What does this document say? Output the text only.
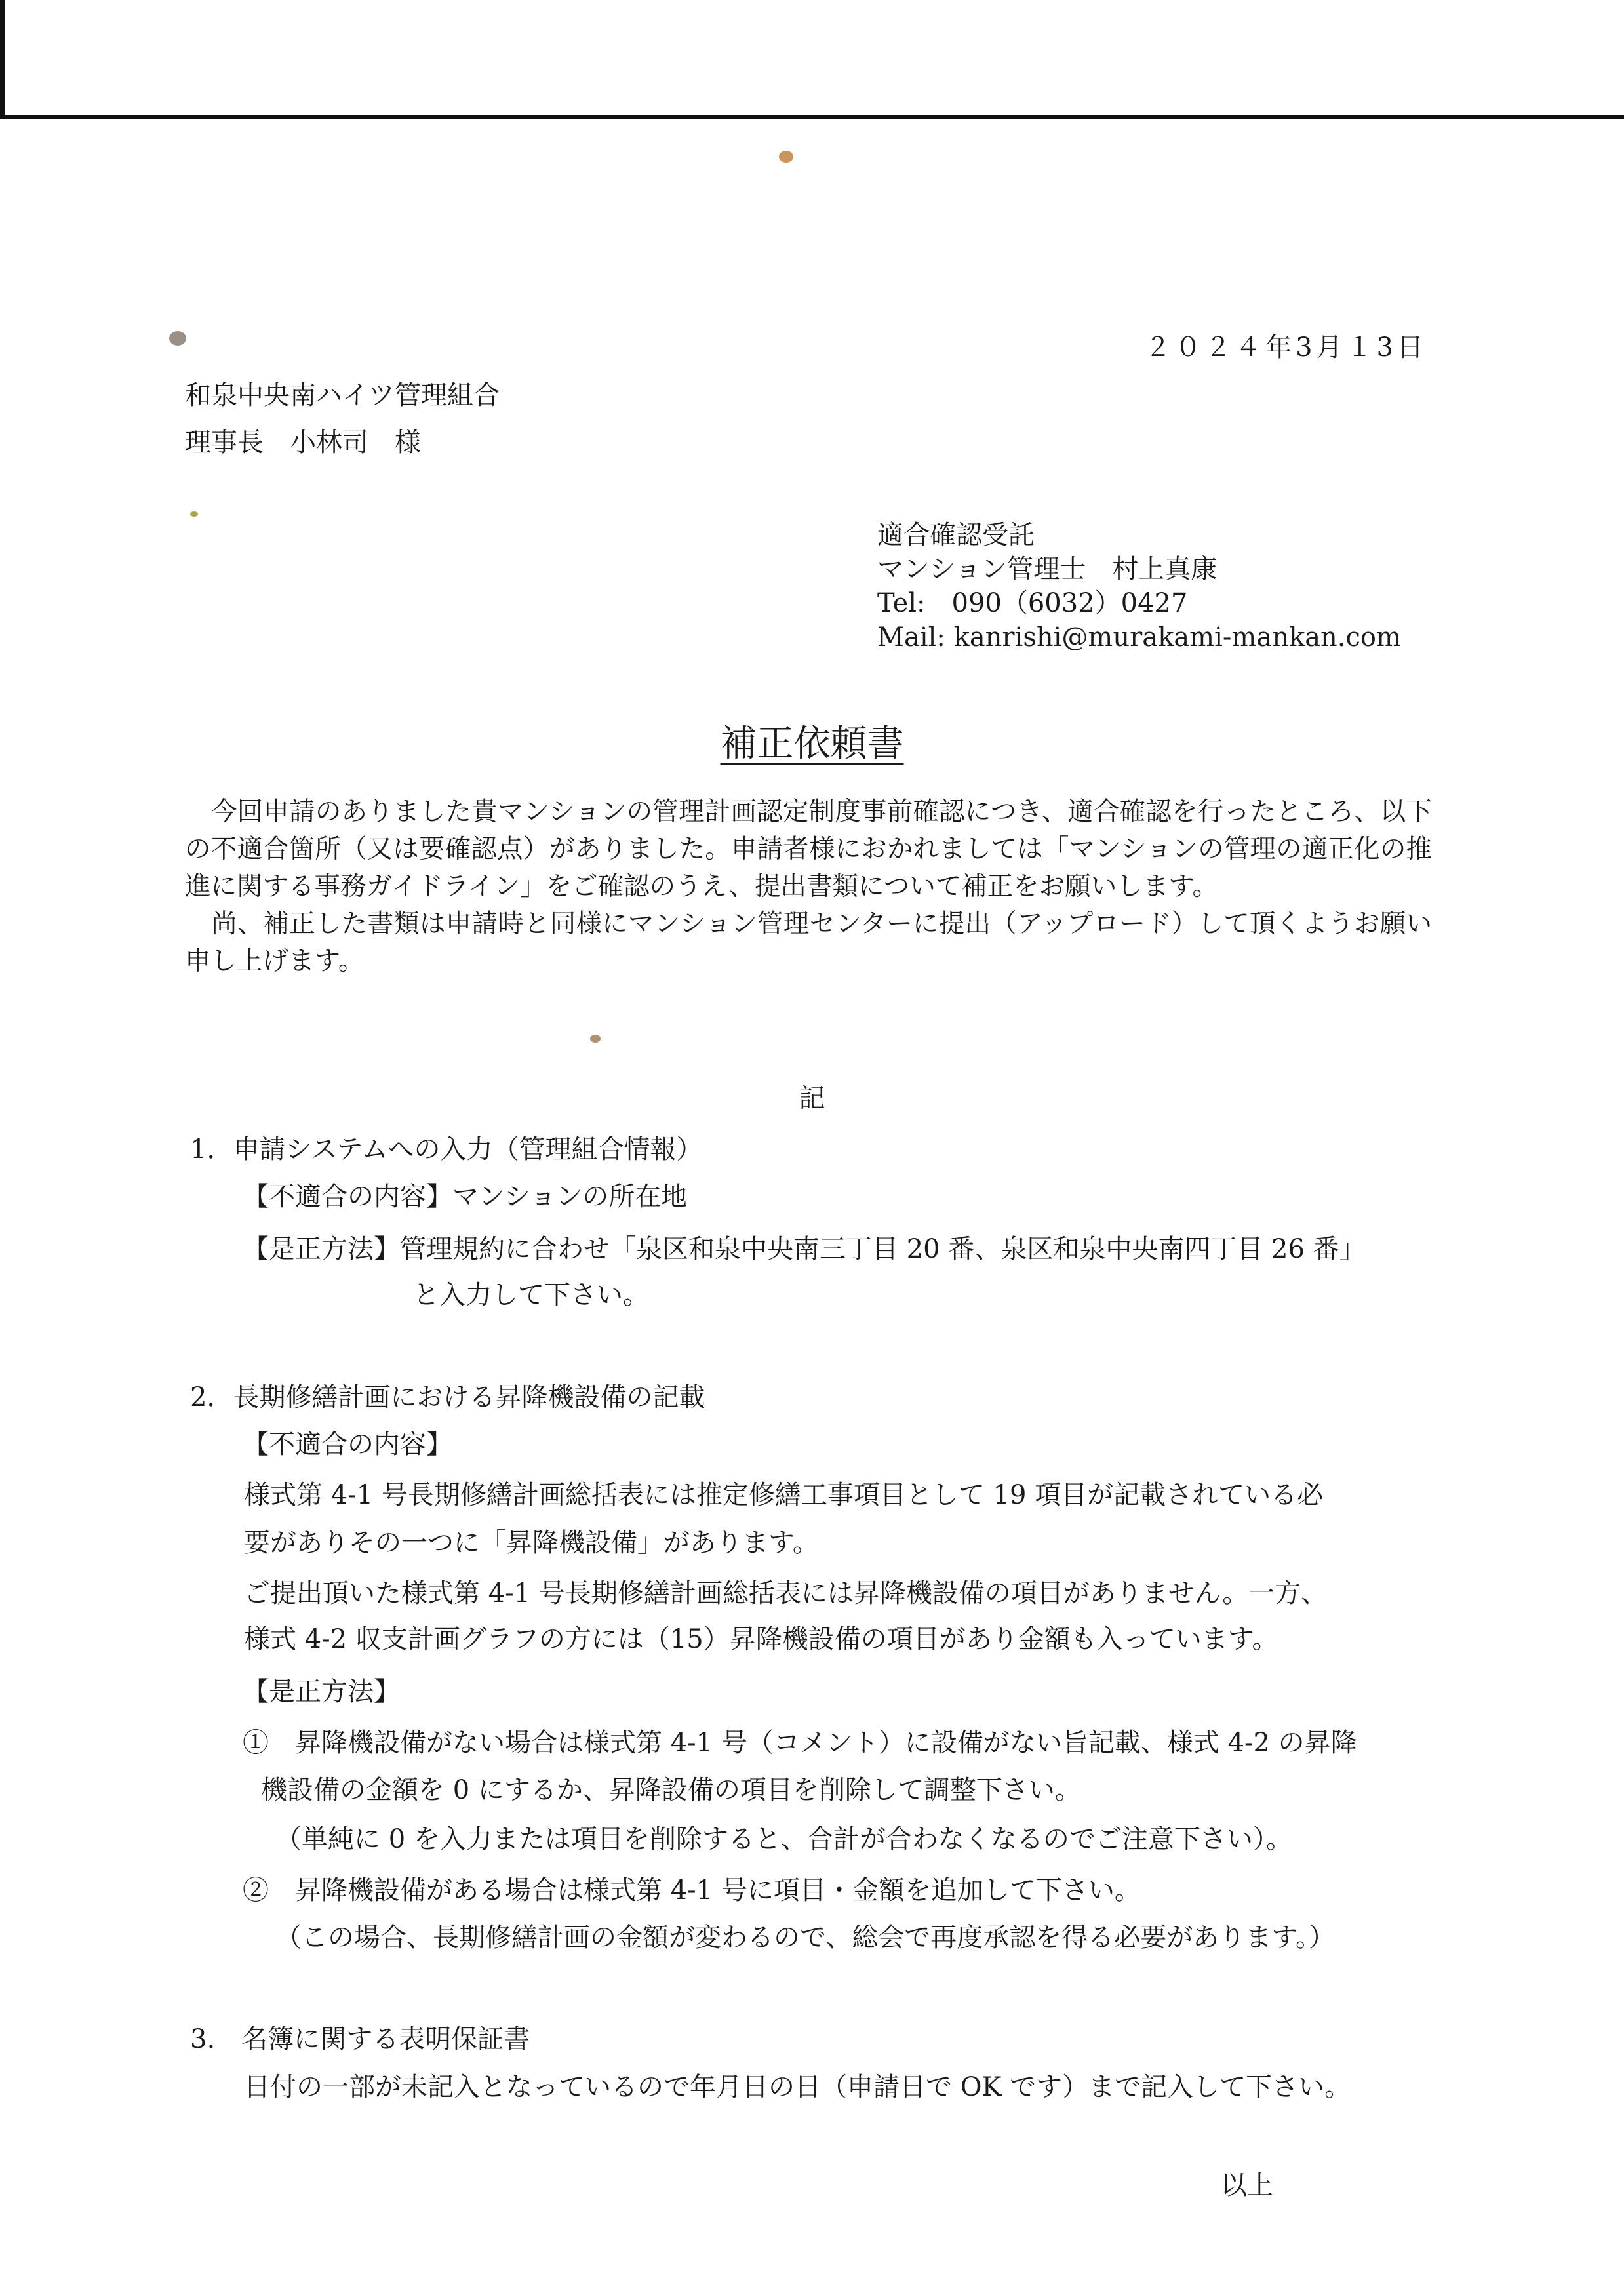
２０２４年3月１3日
和泉中央南ハイツ管理組合
理事長　小林司　様
適合確認受託
マンション管理士　村上真康
Tel:　090（6032）0427
Mail: kanrishi@murakami-mankan.com
補正依頼書

今回申請のありました貴マンションの管理計画認定制度事前確認につき、適合確認を行ったところ、以下の不適合箇所（又は要確認点）がありました。申請者様におかれましては「マンションの管理の適正化の推進に関する事務ガイドライン」をご確認のうえ、提出書類について補正をお願いします。

尚、補正した書類は申請時と同様にマンション管理センターに提出（アップロード）して頂くようお願い申し上げます。

記
1．申請システムへの入力（管理組合情報）
【不適合の内容】マンションの所在地
【是正方法】管理規約に合わせ「泉区和泉中央南三丁目 20 番、泉区和泉中央南四丁目 26 番」
と入力して下さい。
2．長期修繕計画における昇降機設備の記載
【不適合の内容】
様式第 4-1 号長期修繕計画総括表には推定修繕工事項目として 19 項目が記載されている必
要がありその一つに「昇降機設備」があります。
ご提出頂いた様式第 4-1 号長期修繕計画総括表には昇降機設備の項目がありません。一方、
様式 4-2 収支計画グラフの方には（15）昇降機設備の項目があり金額も入っています。
【是正方法】
①　昇降機設備がない場合は様式第 4-1 号（コメント）に設備がない旨記載、様式 4-2 の昇降
機設備の金額を 0 にするか、昇降設備の項目を削除して調整下さい。
（単純に 0 を入力または項目を削除すると、合計が合わなくなるのでご注意下さい）。
②　昇降機設備がある場合は様式第 4-1 号に項目・金額を追加して下さい。
（この場合、長期修繕計画の金額が変わるので、総会で再度承認を得る必要があります。）
3.　名簿に関する表明保証書
日付の一部が未記入となっているので年月日の日（申請日で OK です）まで記入して下さい。
以上
